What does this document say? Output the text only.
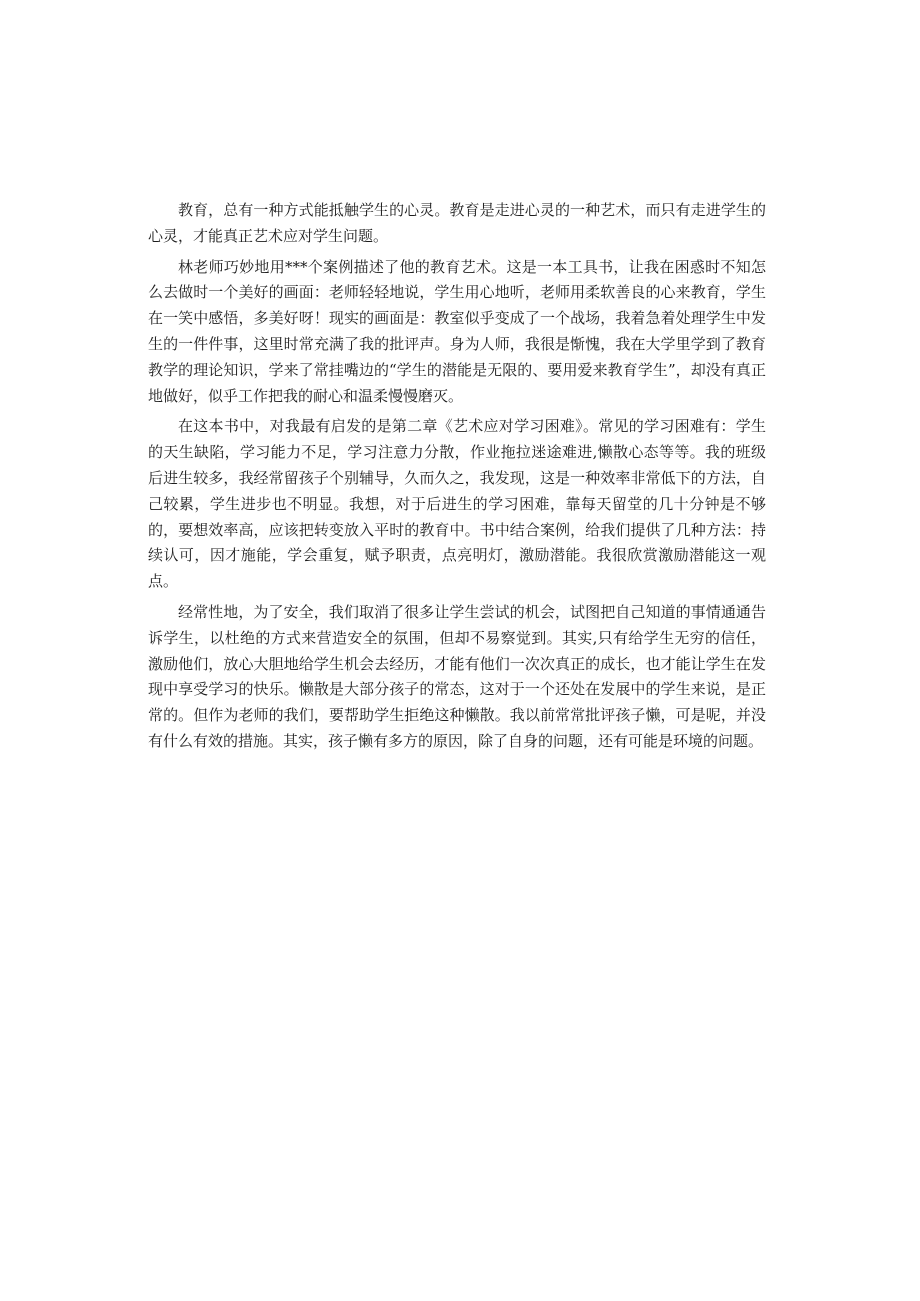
教育，总有一种方式能抵触学生的心灵。教育是走进心灵的一种艺术，而只有走进学生的心灵，才能真正艺术应对学生问题。

林老师巧妙地用***个案例描述了他的教育艺术。这是一本工具书，让我在困惑时不知怎么去做时一个美好的画面：老师轻轻地说，学生用心地听，老师用柔软善良的心来教育，学生在一笑中感悟，多美好呀！现实的画面是：教室似乎变成了一个战场，我着急着处理学生中发生的一件件事，这里时常充满了我的批评声。身为人师，我很是惭愧，我在大学里学到了教育教学的理论知识，学来了常挂嘴边的“学生的潜能是无限的、要用爱来教育学生”，却没有真正地做好，似乎工作把我的耐心和温柔慢慢磨灭。

在这本书中，对我最有启发的是第二章《艺术应对学习困难》。常见的学习困难有：学生的天生缺陷，学习能力不足，学习注意力分散，作业拖拉迷途难进,懒散心态等等。我的班级后进生较多，我经常留孩子个别辅导，久而久之，我发现，这是一种效率非常低下的方法，自己较累，学生进步也不明显。我想，对于后进生的学习困难，靠每天留堂的几十分钟是不够的，要想效率高，应该把转变放入平时的教育中。书中结合案例，给我们提供了几种方法：持续认可，因才施能，学会重复，赋予职责，点亮明灯，激励潜能。我很欣赏激励潜能这一观点。

经常性地，为了安全，我们取消了很多让学生尝试的机会，试图把自己知道的事情通通告诉学生，以杜绝的方式来营造安全的氛围，但却不易察觉到。其实,只有给学生无穷的信任，激励他们，放心大胆地给学生机会去经历，才能有他们一次次真正的成长，也才能让学生在发现中享受学习的快乐。懒散是大部分孩子的常态，这对于一个还处在发展中的学生来说，是正常的。但作为老师的我们，要帮助学生拒绝这种懒散。我以前常常批评孩子懒，可是呢，并没有什么有效的措施。其实，孩子懒有多方的原因，除了自身的问题，还有可能是环境的问题。
